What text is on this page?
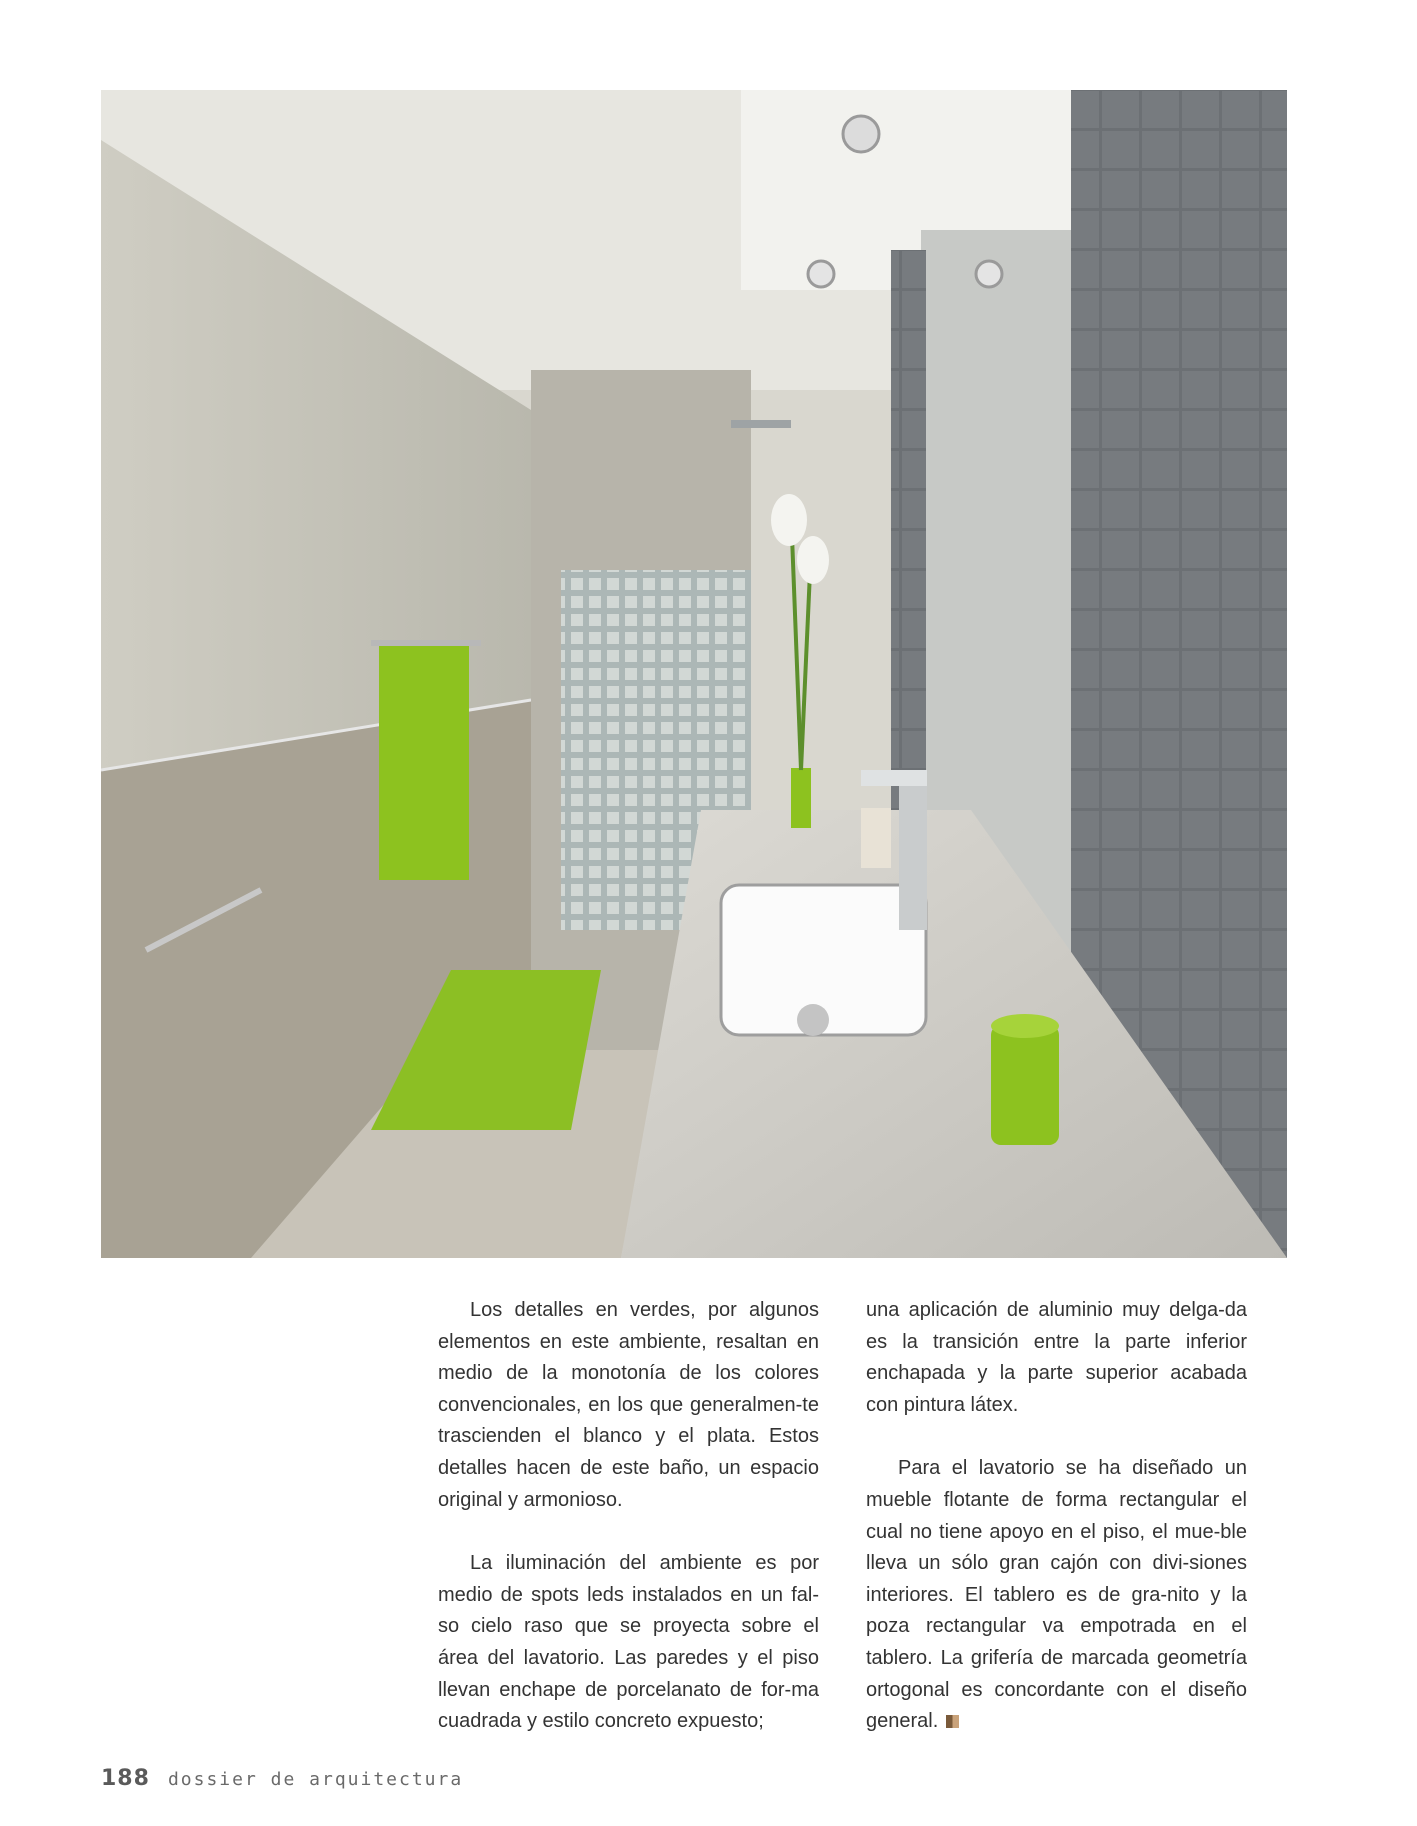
Los detalles en verdes, por algunos elementos en este ambiente, resaltan en medio de la monotonía de los colores convencionales, en los que generalmen-te trascienden el blanco y el plata. Estos detalles hacen de este baño, un espacio original y armonioso.

La iluminación del ambiente es por medio de spots leds instalados en un fal-so cielo raso que se proyecta sobre el área del lavatorio. Las paredes y el piso llevan enchape de porcelanato de for-ma cuadrada y estilo concreto expuesto;

una aplicación de aluminio muy delga-da es la transición entre la parte inferior enchapada y la parte superior acabada con pintura látex.

Para el lavatorio se ha diseñado un mueble flotante de forma rectangular el cual no tiene apoyo en el piso, el mue-ble lleva un sólo gran cajón con divi-siones interiores. El tablero es de gra-nito y la poza rectangular va empotrada en el tablero. La grifería de marcada geometría ortogonal es concordante con el diseño general.

188 dossier de arquitectura
